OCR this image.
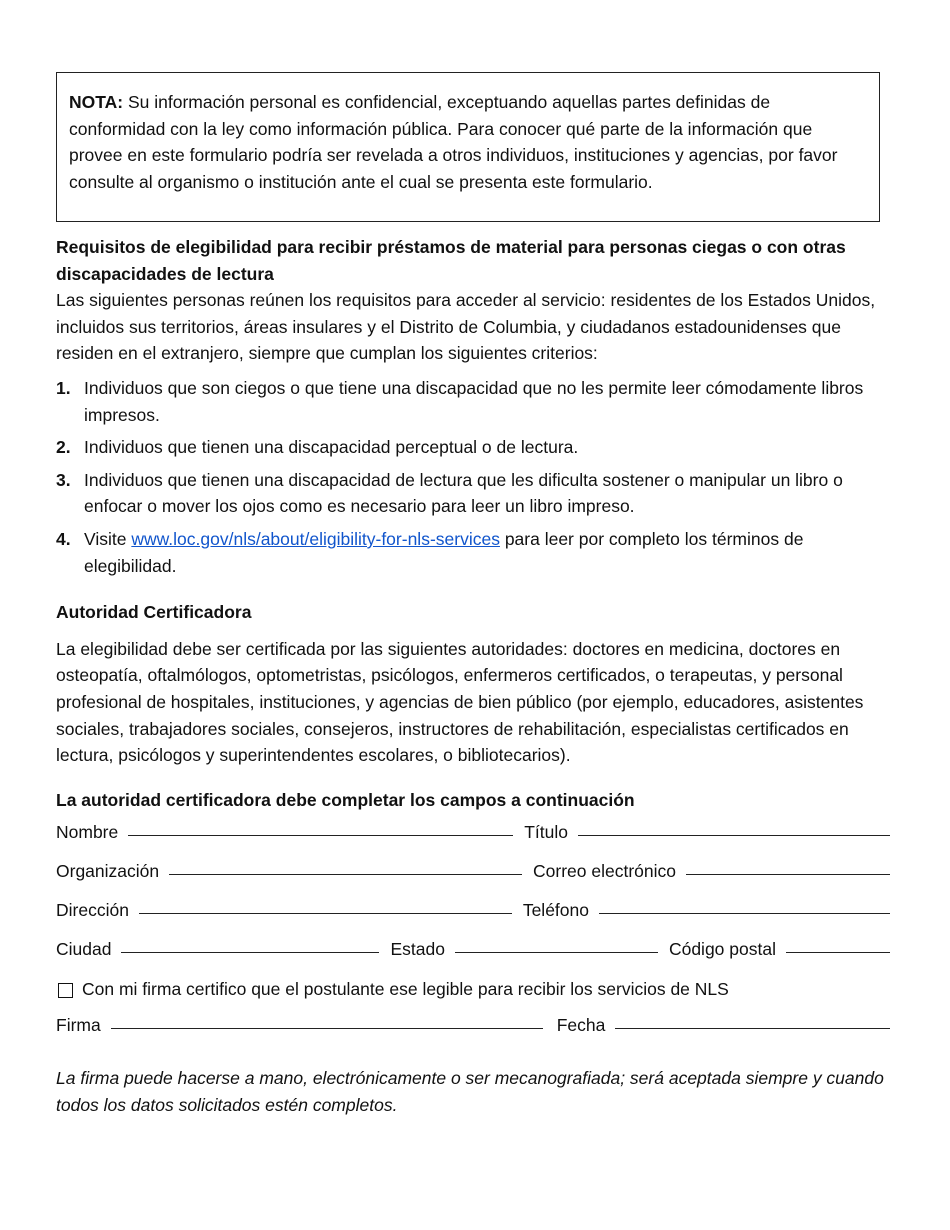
NOTA: Su información personal es confidencial, exceptuando aquellas partes definidas de conformidad con la ley como información pública. Para conocer qué parte de la información que provee en este formulario podría ser revelada a otros individuos, instituciones y agencias, por favor consulte al organismo o institución ante el cual se presenta este formulario.

Requisitos de elegibilidad para recibir préstamos de material para personas ciegas o con otras discapacidades de lectura

Las siguientes personas reúnen los requisitos para acceder al servicio: residentes de los Estados Unidos, incluidos sus territorios, áreas insulares y el Distrito de Columbia, y ciudadanos estadounidenses que residen en el extranjero, siempre que cumplan los siguientes criterios:

1. Individuos que son ciegos o que tiene una discapacidad que no les permite leer cómodamente libros impresos.
2. Individuos que tienen una discapacidad perceptual o de lectura.
3. Individuos que tienen una discapacidad de lectura que les dificulta sostener o manipular un libro o enfocar o mover los ojos como es necesario para leer un libro impreso.
4. Visite www.loc.gov/nls/about/eligibility-for-nls-services para leer por completo los términos de elegibilidad.

Autoridad Certificadora

La elegibilidad debe ser certificada por las siguientes autoridades: doctores en medicina, doctores en osteopatía, oftalmólogos, optometristas, psicólogos, enfermeros certificados, o terapeutas, y personal profesional de hospitales, instituciones, y agencias de bien público (por ejemplo, educadores, asistentes sociales, trabajadores sociales, consejeros, instructores de rehabilitación, especialistas certificados en lectura, psicólogos y superintendentes escolares, o bibliotecarios).

La autoridad certificadora debe completar los campos a continuación

Nombre	Título
Organización	Correo electrónico
Dirección	Teléfono
Ciudad	Estado	Código postal
Con mi firma certifico que el postulante ese legible para recibir los servicios de NLS
Firma	Fecha

La firma puede hacerse a mano, electrónicamente o ser mecanografiada; será aceptada siempre y cuando todos los datos solicitados estén completos.
